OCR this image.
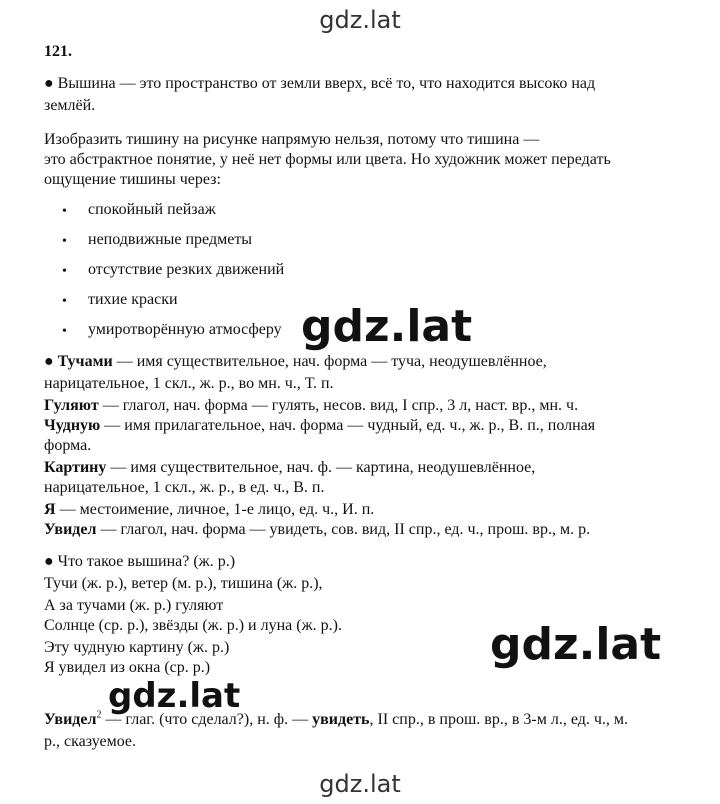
gdz.lat
121.
● Вышина — это пространство от земли вверх, всё то, что находится высоко над
землёй.
Изобразить тишину на рисунке напрямую нельзя, потому что тишина —
это абстрактное понятие, у неё нет формы или цвета. Но художник может передать
ощущение тишины через:
• спокойный пейзаж
• неподвижные предметы
• отсутствие резких движений
• тихие краски
• умиротворённую атмосферу gdz.lat
● Тучами — имя существительное, нач. форма — туча, неодушевлённое,
нарицательное, 1 скл., ж. р., во мн. ч., Т. п.
Гуляют — глагол, нач. форма — гулять, несов. вид, I спр., 3 л, наст. вр., мн. ч.
Чудную — имя прилагательное, нач. форма — чудный, ед. ч., ж. р., В. п., полная
форма.
Картину — имя существительное, нач. ф. — картина, неодушевлённое,
нарицательное, 1 скл., ж. р., в ед. ч., В. п.
Я — местоимение, личное, 1-е лицо, ед. ч., И. п.
Увидел — глагол, нач. форма — увидеть, сов. вид, II спр., ед. ч., прош. вр., м. р.
● Что такое вышина? (ж. р.)
Тучи (ж. р.), ветер (м. р.), тишина (ж. р.),
А за тучами (ж. р.) гуляют
Солнце (ср. р.), звёзды (ж. р.) и луна (ж. р.).
Эту чудную картину (ж. р.)
Я увидел из окна (ср. р.)	gdz.lat
gdz.lat
Увидел$^2$ — глаг. (что сделал?), н. ф. — увидеть, II спр., в прош. вр., в 3-м л., ед. ч., м.
р., сказуемое.
gdz.lat
